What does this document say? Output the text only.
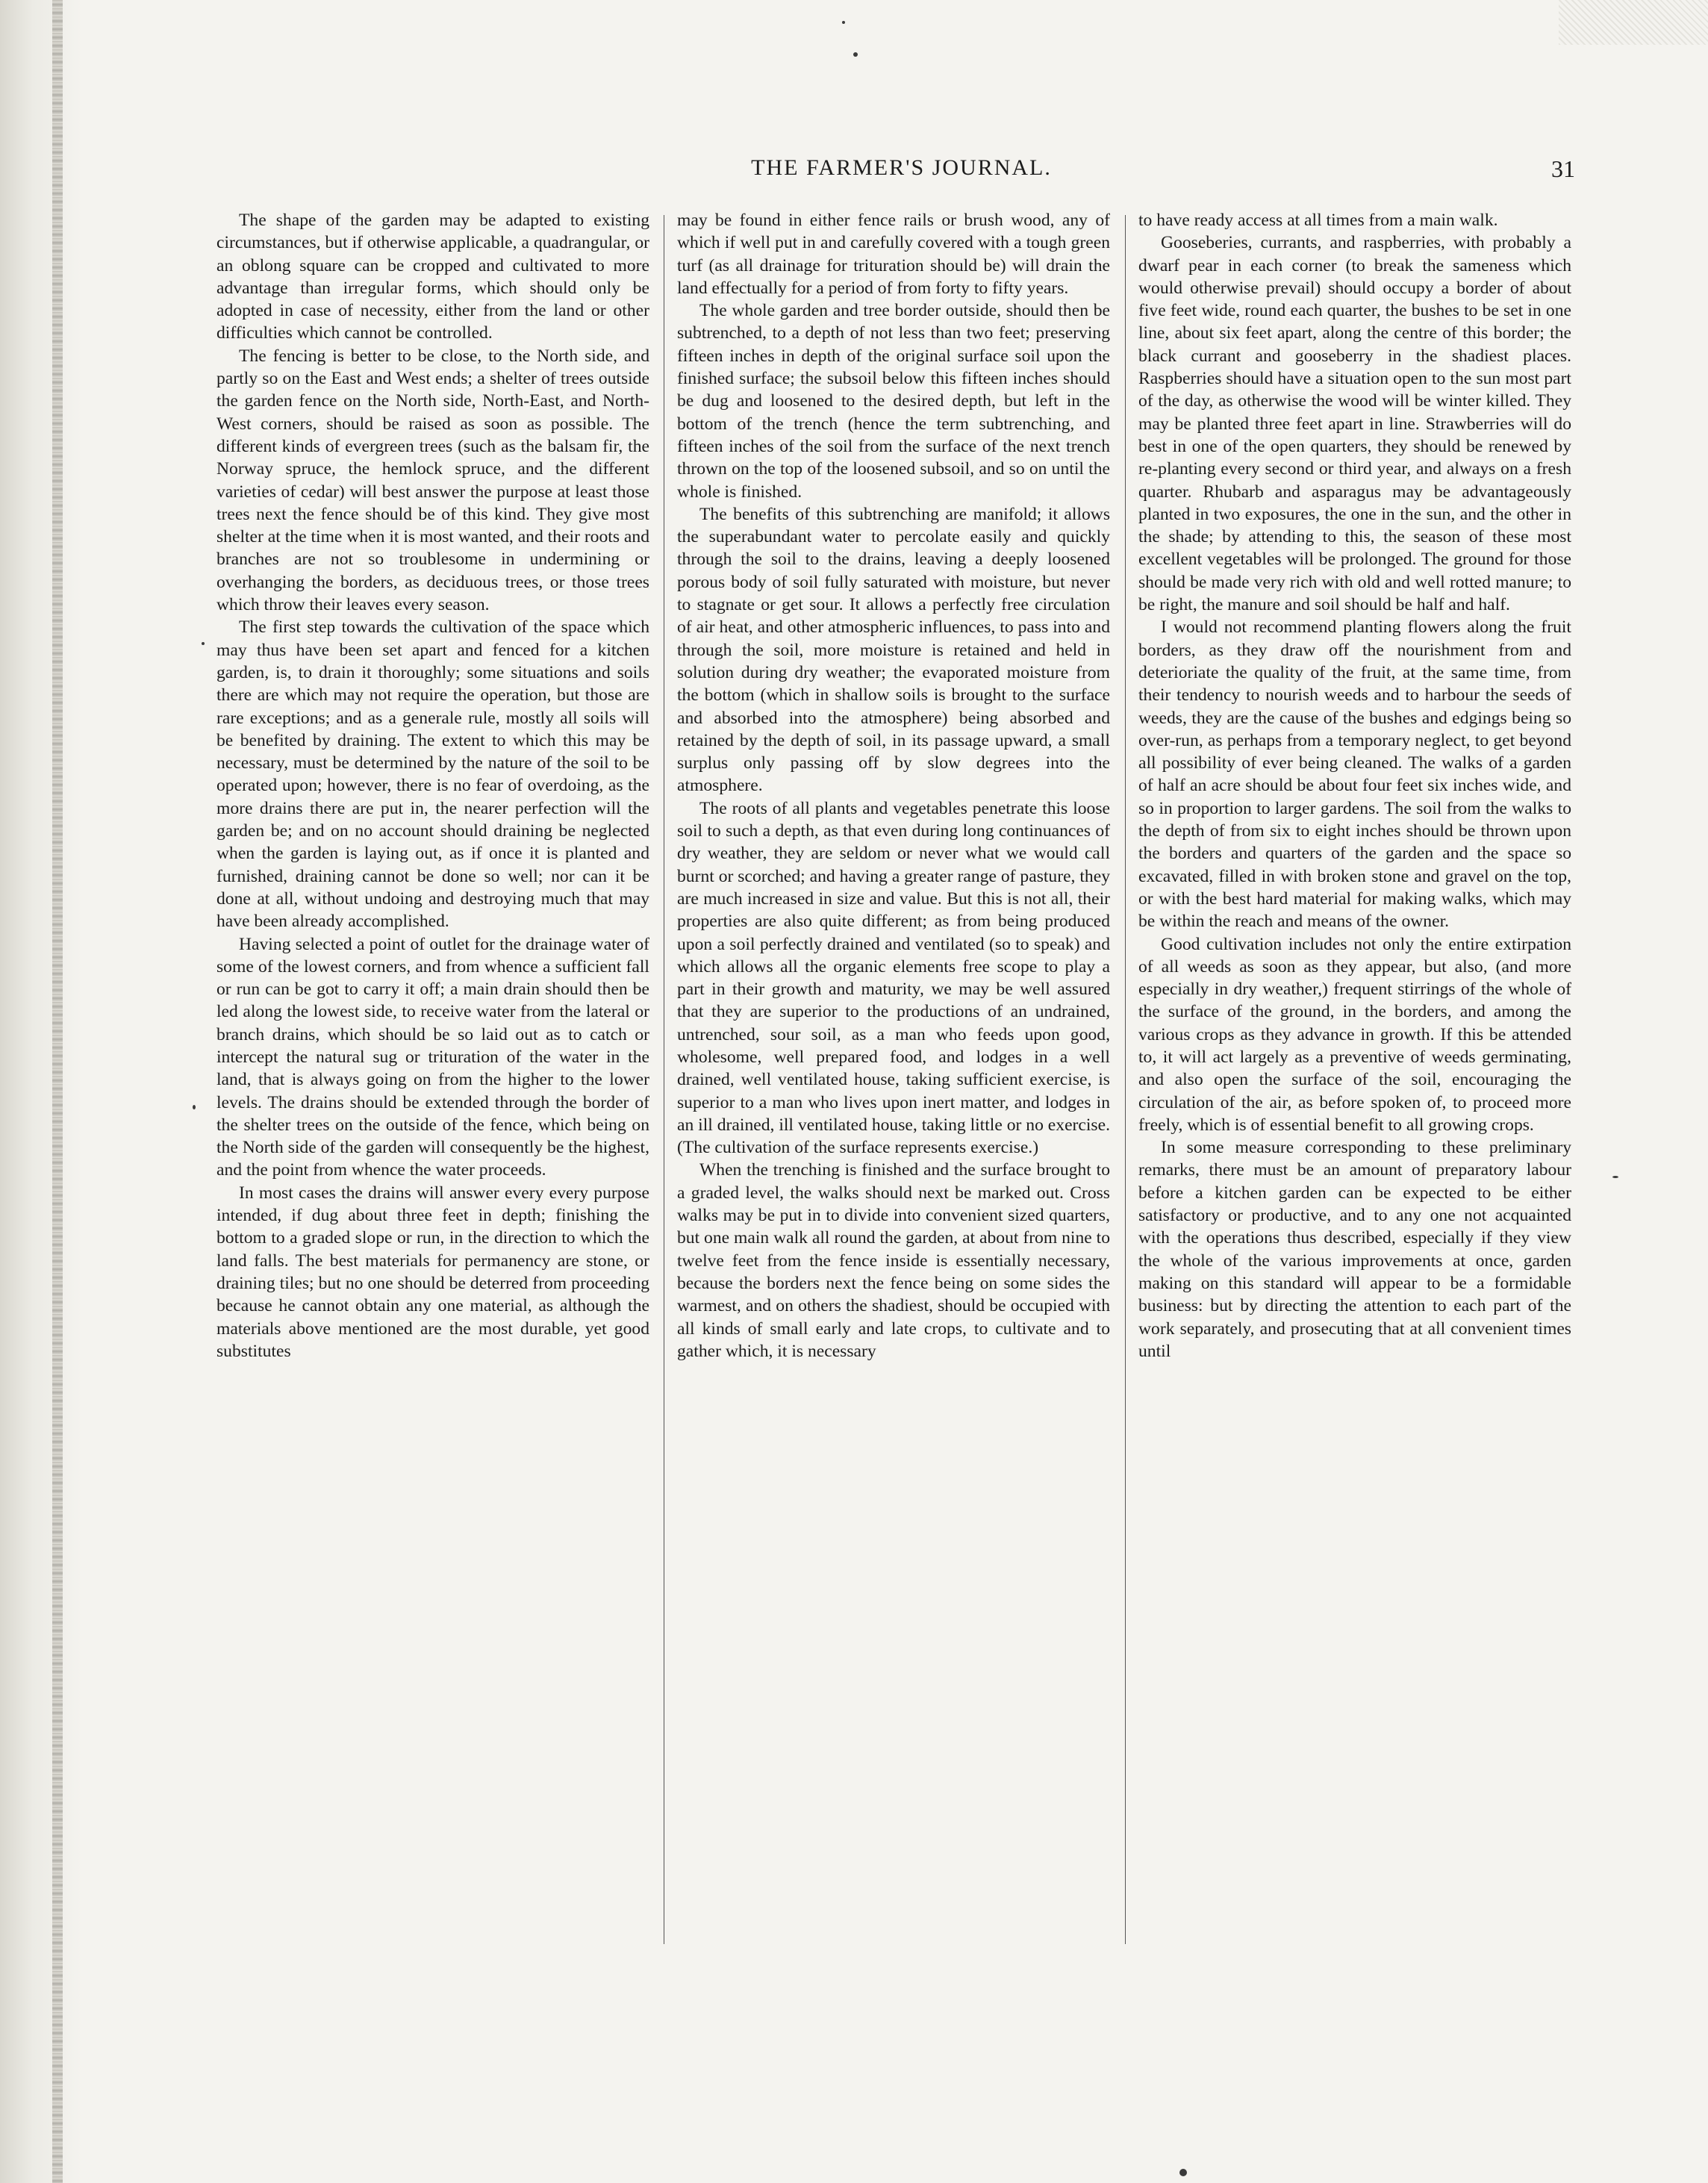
THE FARMER'S JOURNAL.	31

The shape of the garden may be adapted to existing circumstances, but if otherwise applicable, a quadrangular, or an oblong square can be cropped and cultivated to more advantage than irregular forms, which should only be adopted in case of necessity, either from the land or other difficulties which cannot be controlled.

The fencing is better to be close, to the North side, and partly so on the East and West ends; a shelter of trees outside the garden fence on the North side, North-East, and North-West corners, should be raised as soon as possible. The different kinds of evergreen trees (such as the balsam fir, the Norway spruce, the hemlock spruce, and the different varieties of cedar) will best answer the purpose at least those trees next the fence should be of this kind. They give most shelter at the time when it is most wanted, and their roots and branches are not so troublesome in undermining or overhanging the borders, as deciduous trees, or those trees which throw their leaves every season.

The first step towards the cultivation of the space which may thus have been set apart and fenced for a kitchen garden, is, to drain it thoroughly; some situations and soils there are which may not require the operation, but those are rare exceptions; and as a generale rule, mostly all soils will be benefited by draining. The extent to which this may be necessary, must be determined by the nature of the soil to be operated upon; however, there is no fear of overdoing, as the more drains there are put in, the nearer perfection will the garden be; and on no account should draining be neglected when the garden is laying out, as if once it is planted and furnished, draining cannot be done so well; nor can it be done at all, without undoing and destroying much that may have been already accomplished.

Having selected a point of outlet for the drainage water of some of the lowest corners, and from whence a sufficient fall or run can be got to carry it off; a main drain should then be led along the lowest side, to receive water from the lateral or branch drains, which should be so laid out as to catch or intercept the natural sug or trituration of the water in the land, that is always going on from the higher to the lower levels. The drains should be extended through the border of the shelter trees on the outside of the fence, which being on the North side of the garden will consequently be the highest, and the point from whence the water proceeds.

In most cases the drains will answer every every purpose intended, if dug about three feet in depth; finishing the bottom to a graded slope or run, in the direction to which the land falls. The best materials for permanency are stone, or draining tiles; but no one should be deterred from proceeding because he cannot obtain any one material, as although the materials above mentioned are the most durable, yet good substitutes

may be found in either fence rails or brush wood, any of which if well put in and carefully covered with a tough green turf (as all drainage for trituration should be) will drain the land effectually for a period of from forty to fifty years.

The whole garden and tree border outside, should then be subtrenched, to a depth of not less than two feet; preserving fifteen inches in depth of the original surface soil upon the finished surface; the subsoil below this fifteen inches should be dug and loosened to the desired depth, but left in the bottom of the trench (hence the term subtrenching, and fifteen inches of the soil from the surface of the next trench thrown on the top of the loosened subsoil, and so on until the whole is finished.

The benefits of this subtrenching are manifold; it allows the superabundant water to percolate easily and quickly through the soil to the drains, leaving a deeply loosened porous body of soil fully saturated with moisture, but never to stagnate or get sour. It allows a perfectly free circulation of air heat, and other atmospheric influences, to pass into and through the soil, more moisture is retained and held in solution during dry weather; the evaporated moisture from the bottom (which in shallow soils is brought to the surface and absorbed into the atmosphere) being absorbed and retained by the depth of soil, in its passage upward, a small surplus only passing off by slow degrees into the atmosphere.

The roots of all plants and vegetables penetrate this loose soil to such a depth, as that even during long continuances of dry weather, they are seldom or never what we would call burnt or scorched; and having a greater range of pasture, they are much increased in size and value. But this is not all, their properties are also quite different; as from being produced upon a soil perfectly drained and ventilated (so to speak) and which allows all the organic elements free scope to play a part in their growth and maturity, we may be well assured that they are superior to the productions of an undrained, untrenched, sour soil, as a man who feeds upon good, wholesome, well prepared food, and lodges in a well drained, well ventilated house, taking sufficient exercise, is superior to a man who lives upon inert matter, and lodges in an ill drained, ill ventilated house, taking little or no exercise. (The cultivation of the surface represents exercise.)

When the trenching is finished and the surface brought to a graded level, the walks should next be marked out. Cross walks may be put in to divide into convenient sized quarters, but one main walk all round the garden, at about from nine to twelve feet from the fence inside is essentially necessary, because the borders next the fence being on some sides the warmest, and on others the shadiest, should be occupied with all kinds of small early and late crops, to cultivate and to gather which, it is necessary

to have ready access at all times from a main walk.

Gooseberies, currants, and raspberries, with probably a dwarf pear in each corner (to break the sameness which would otherwise prevail) should occupy a border of about five feet wide, round each quarter, the bushes to be set in one line, about six feet apart, along the centre of this border; the black currant and gooseberry in the shadiest places. Raspberries should have a situation open to the sun most part of the day, as otherwise the wood will be winter killed. They may be planted three feet apart in line. Strawberries will do best in one of the open quarters, they should be renewed by re-planting every second or third year, and always on a fresh quarter. Rhubarb and asparagus may be advantageously planted in two exposures, the one in the sun, and the other in the shade; by attending to this, the season of these most excellent vegetables will be prolonged. The ground for those should be made very rich with old and well rotted manure; to be right, the manure and soil should be half and half.

I would not recommend planting flowers along the fruit borders, as they draw off the nourishment from and deterioriate the quality of the fruit, at the same time, from their tendency to nourish weeds and to harbour the seeds of weeds, they are the cause of the bushes and edgings being so over-run, as perhaps from a temporary neglect, to get beyond all possibility of ever being cleaned. The walks of a garden of half an acre should be about four feet six inches wide, and so in proportion to larger gardens. The soil from the walks to the depth of from six to eight inches should be thrown upon the borders and quarters of the garden and the space so excavated, filled in with broken stone and gravel on the top, or with the best hard material for making walks, which may be within the reach and means of the owner.

Good cultivation includes not only the entire extirpation of all weeds as soon as they appear, but also, (and more especially in dry weather,) frequent stirrings of the whole of the surface of the ground, in the borders, and among the various crops as they advance in growth. If this be attended to, it will act largely as a preventive of weeds germinating, and also open the surface of the soil, encouraging the circulation of the air, as before spoken of, to proceed more freely, which is of essential benefit to all growing crops.

In some measure corresponding to these preliminary remarks, there must be an amount of preparatory labour before a kitchen garden can be expected to be either satisfactory or productive, and to any one not acquainted with the operations thus described, especially if they view the whole of the various improvements at once, garden making on this standard will appear to be a formidable business: but by directing the attention to each part of the work separately, and prosecuting that at all convenient times until
